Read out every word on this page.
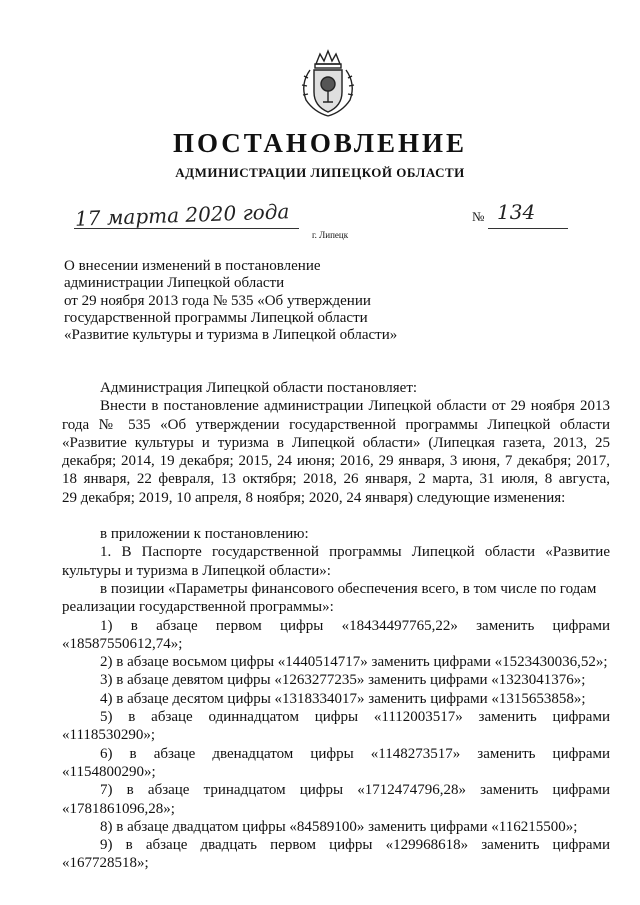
ПОСТАНОВЛЕНИЕ
АДМИНИСТРАЦИИ ЛИПЕЦКОЙ ОБЛАСТИ
17 марта 2020 года
г. Липецк
№ 134
О внесении изменений в постановление
администрации Липецкой области
от 29 ноября 2013 года № 535 «Об утверждении
государственной программы Липецкой области
«Развитие культуры и туризма в Липецкой области»
Администрация Липецкой области постановляет:
Внести в постановление администрации Липецкой области от 29 ноября 2013
года № 535 «Об утверждении государственной программы Липецкой области
«Развитие культуры и туризма в Липецкой области» (Липецкая газета, 2013, 25
декабря; 2014, 19 декабря; 2015, 24 июня; 2016, 29 января, 3 июня, 7 декабря; 2017,
18 января, 22 февраля, 13 октября; 2018, 26 января, 2 марта, 31 июля, 8 августа,
29 декабря; 2019, 10 апреля, 8 ноября; 2020, 24 января) следующие изменения:
в приложении к постановлению:
1. В Паспорте государственной программы Липецкой области «Развитие
культуры и туризма в Липецкой области»:
в позиции «Параметры финансового обеспечения всего, в том числе по годам
реализации государственной программы»:
1) в абзаце первом цифры «18434497765,22» заменить цифрами
«18587550612,74»;
2) в абзаце восьмом цифры «1440514717» заменить цифрами «1523430036,52»;
3) в абзаце девятом цифры «1263277235» заменить цифрами «1323041376»;
4) в абзаце десятом цифры «1318334017» заменить цифрами «1315653858»;
5) в абзаце одиннадцатом цифры «1112003517» заменить цифрами
«1118530290»;
6) в абзаце двенадцатом цифры «1148273517» заменить цифрами
«1154800290»;
7) в абзаце тринадцатом цифры «1712474796,28» заменить цифрами
«1781861096,28»;
8) в абзаце двадцатом цифры «84589100» заменить цифрами «116215500»;
9) в абзаце двадцать первом цифры «129968618» заменить цифрами
«167728518»;
